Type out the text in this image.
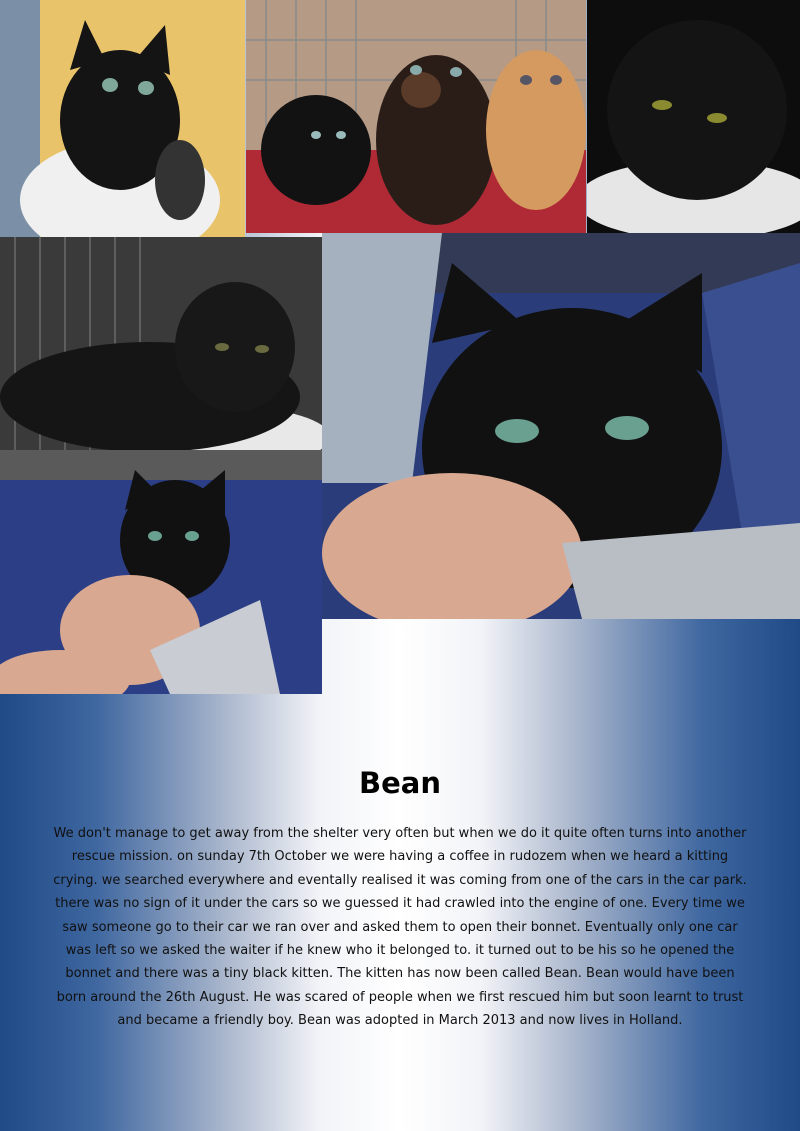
Bean

We don't manage to get away from the shelter very often but when we do it quite often turns into another rescue mission. on sunday 7th October we were having a coffee in rudozem when we heard a kitting crying. we searched everywhere and eventally realised it was coming from one of the cars in the car park. there was no sign of it under the cars so we guessed it had crawled into the engine of one. Every time we saw someone go to their car we ran over and asked them to open their bonnet. Eventually only one car was left so we asked the waiter if he knew who it belonged to. it turned out to be his so he opened the bonnet and there was a tiny black kitten. The kitten has now been called Bean. Bean would have been born around the 26th August. He was scared of people when we first rescued him but soon learnt to trust and became a friendly boy. Bean was adopted in March 2013 and now lives in Holland.
